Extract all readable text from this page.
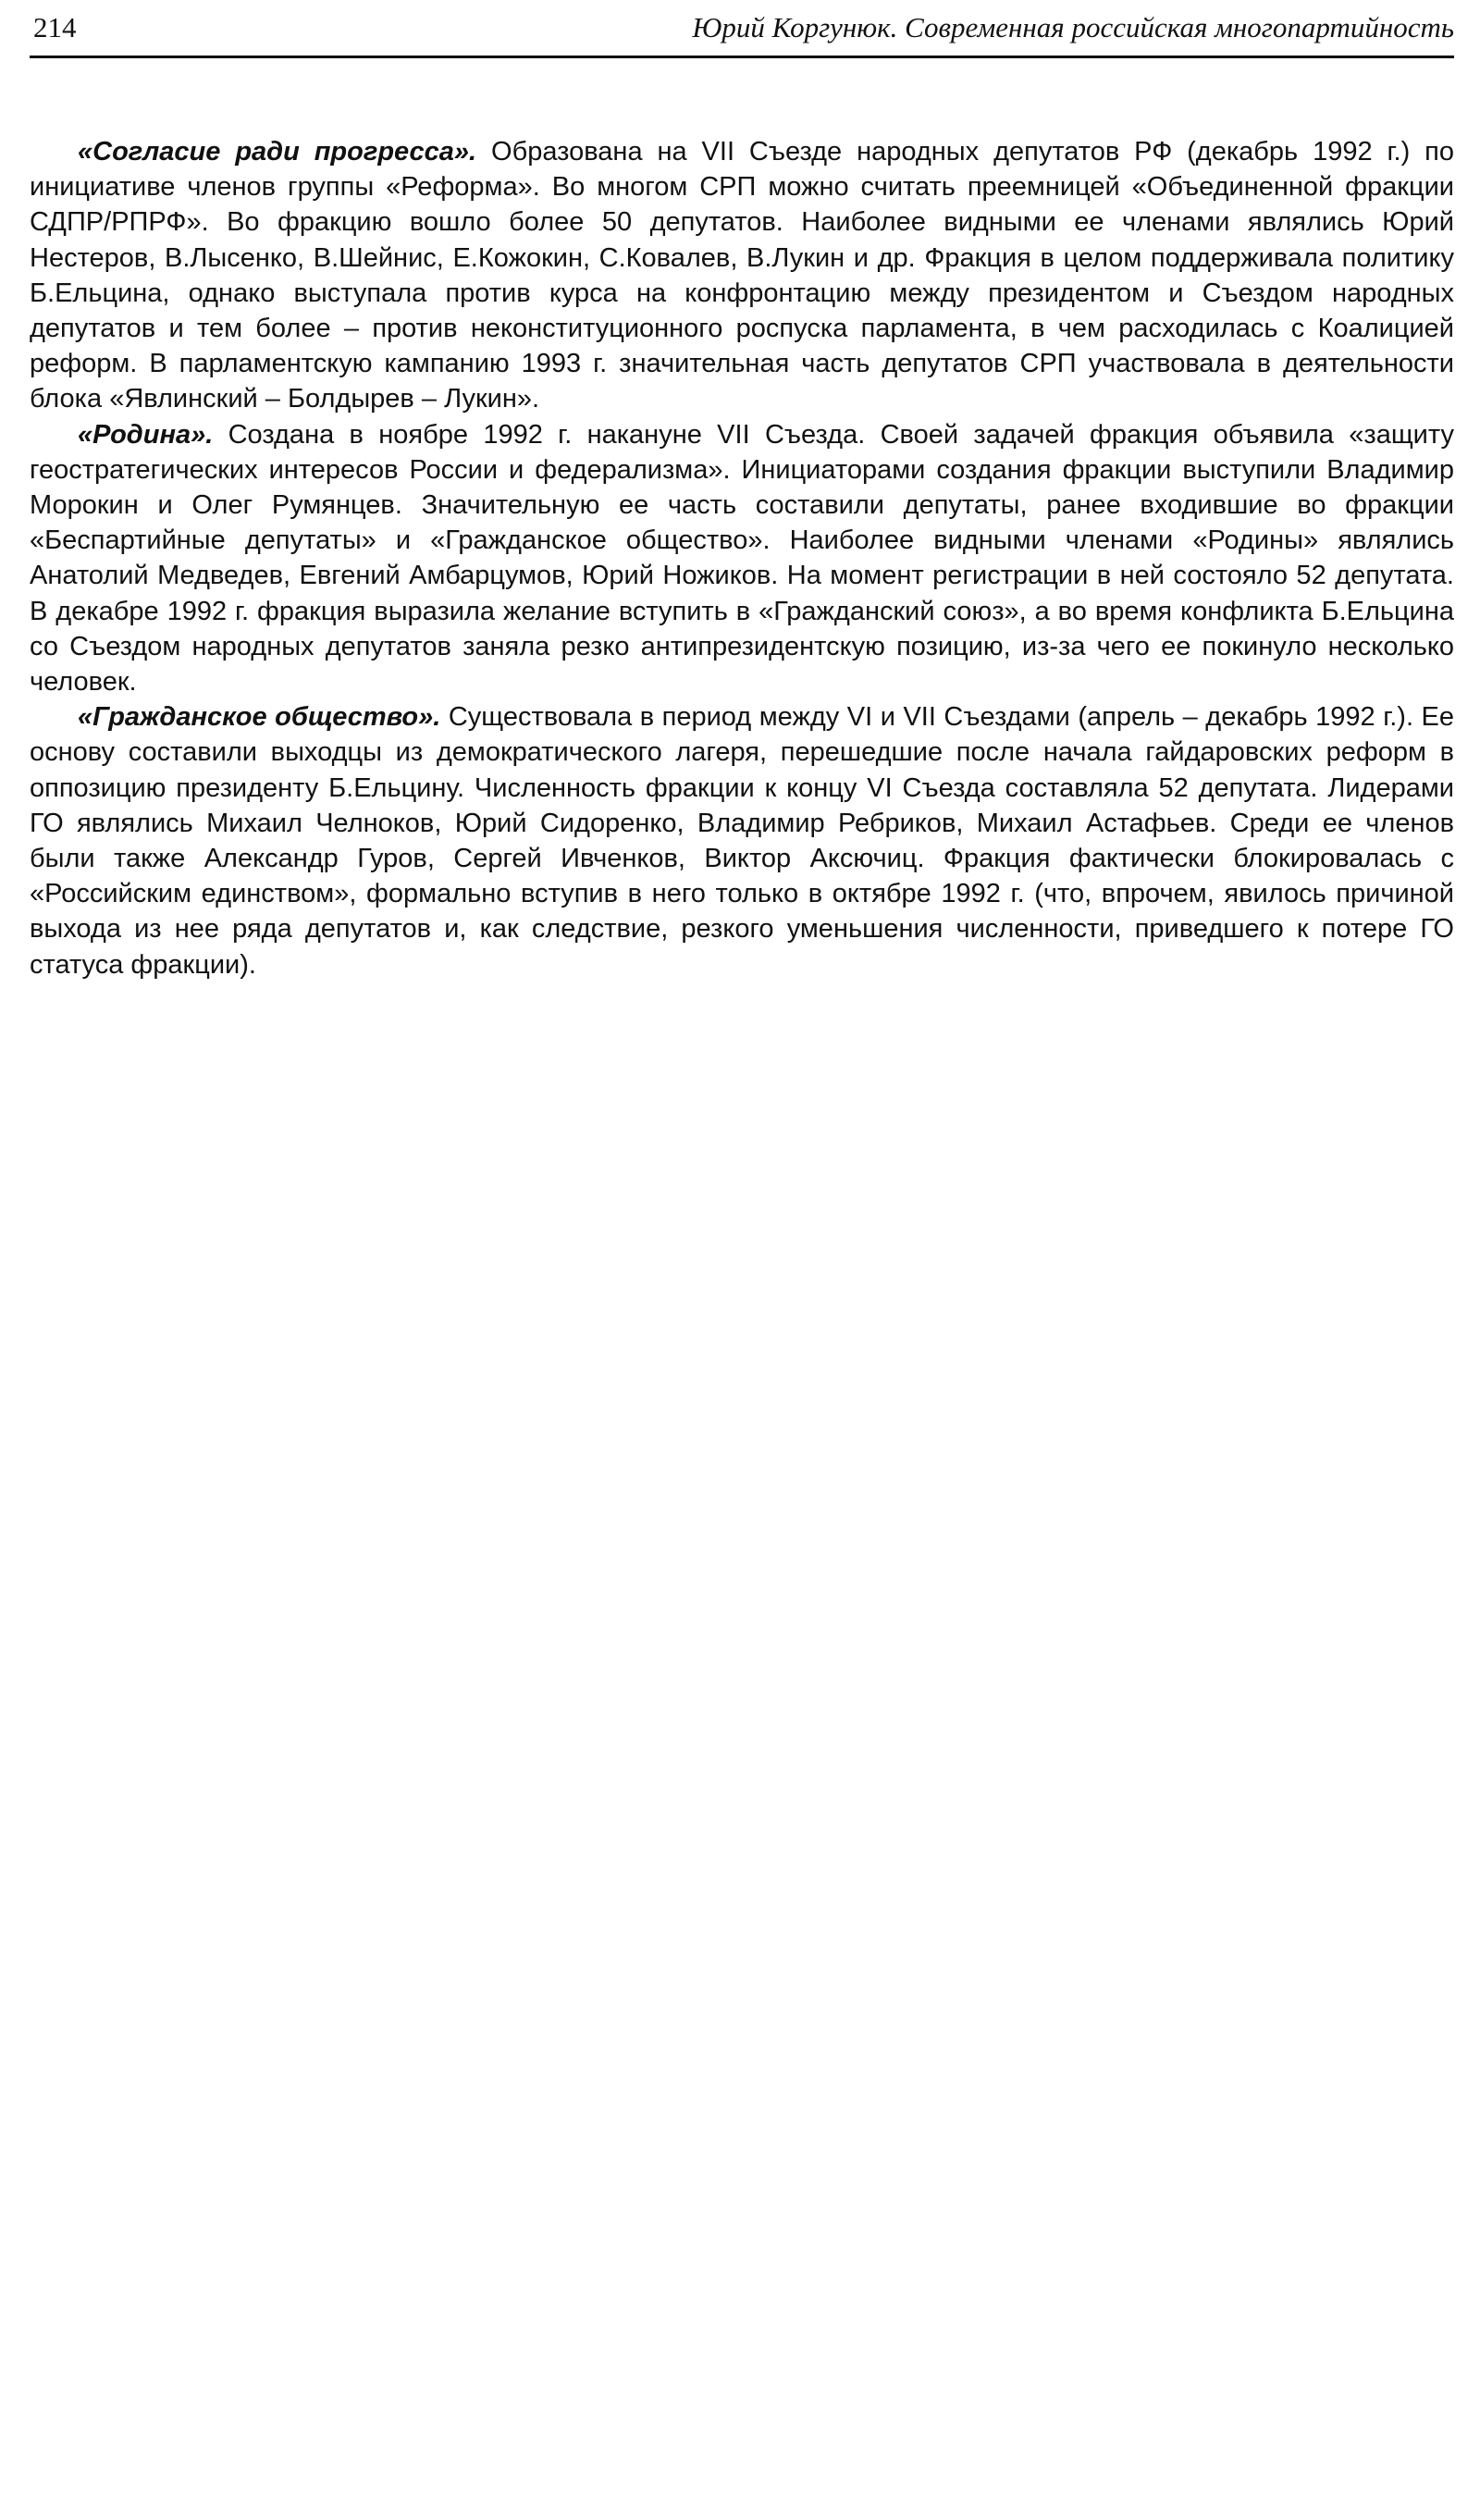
214	Юрий Коргунюк. Современная российская многопартийность

«Согласие ради прогресса». Образована на VII Съезде народных депутатов РФ (декабрь 1992 г.) по инициативе членов группы «Реформа». Во многом СРП можно считать преемницей «Объединенной фракции СДПР/РПРФ». Во фракцию вошло более 50 депутатов. Наиболее видными ее членами являлись Юрий Нестеров, В.Лысенко, В.Шейнис, Е.Кожокин, С.Ковалев, В.Лукин и др. Фракция в целом поддерживала политику Б.Ельцина, однако выступала против курса на конфронтацию между президентом и Съездом народных депутатов и тем более – против неконституционного роспуска парламента, в чем расходилась с Коалицией реформ. В парламентскую кампанию 1993 г. значительная часть депутатов СРП участвовала в деятельности блока «Явлинский – Болдырев – Лукин».

«Родина». Создана в ноябре 1992 г. накануне VII Съезда. Своей задачей фракция объявила «защиту геостратегических интересов России и федерализма». Инициаторами создания фракции выступили Владимир Морокин и Олег Румянцев. Значительную ее часть составили депутаты, ранее входившие во фракции «Беспартийные депутаты» и «Гражданское общество». Наиболее видными членами «Родины» являлись Анатолий Медведев, Евгений Амбарцумов, Юрий Ножиков. На момент регистрации в ней состояло 52 депутата. В декабре 1992 г. фракция выразила желание вступить в «Гражданский союз», а во время конфликта Б.Ельцина со Съездом народных депутатов заняла резко антипрезидентскую позицию, из-за чего ее покинуло несколько человек.

«Гражданское общество». Существовала в период между VI и VII Съездами (апрель – декабрь 1992 г.). Ее основу составили выходцы из демократического лагеря, перешедшие после начала гайдаровских реформ в оппозицию президенту Б.Ельцину. Численность фракции к концу VI Съезда составляла 52 депутата. Лидерами ГО являлись Михаил Челноков, Юрий Сидоренко, Владимир Ребриков, Михаил Астафьев. Среди ее членов были также Александр Гуров, Сергей Ивченков, Виктор Аксючиц. Фракция фактически блокировалась с «Российским единством», формально вступив в него только в октябре 1992 г. (что, впрочем, явилось причиной выхода из нее ряда депутатов и, как следствие, резкого уменьшения численности, приведшего к потере ГО статуса фракции).
